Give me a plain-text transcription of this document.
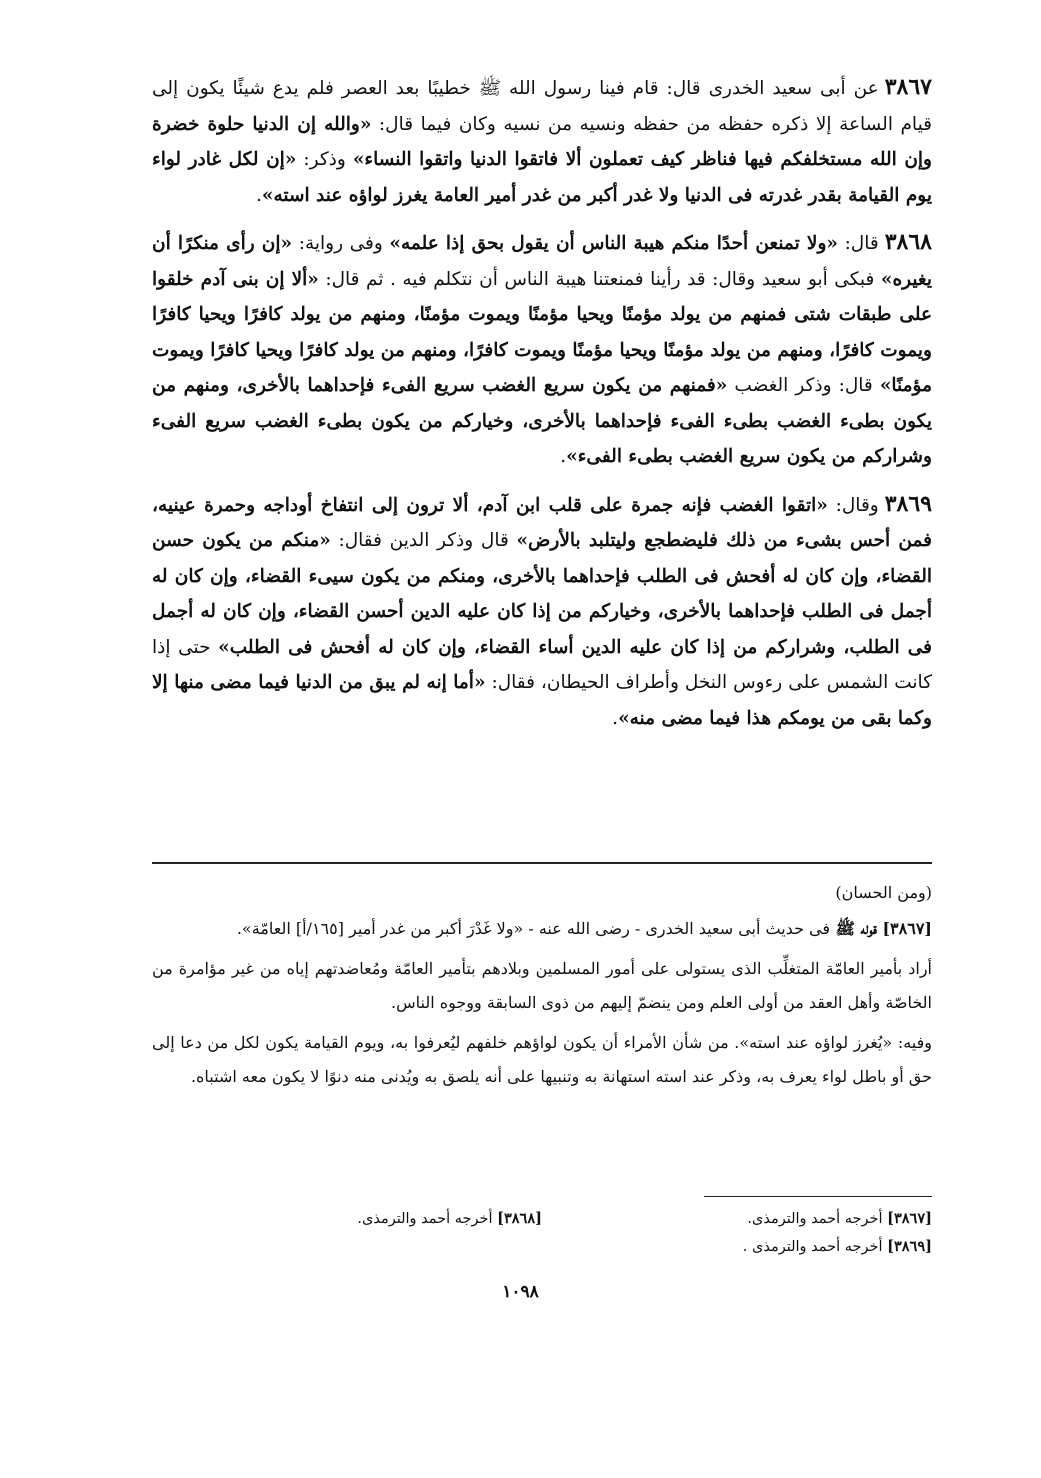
٣٨٦٧عن أبى سعيد الخدرى قال: قام فينا رسول الله ﷺ خطيبًا بعد العصر فلم يدع شيئًا يكون إلى قيام الساعة إلا ذكره حفظه من حفظه ونسيه من نسيه وكان فيما قال: «والله إن الدنيا حلوة خضرة وإن الله مستخلفكم فيها فناظر كيف تعملون ألا فاتقوا الدنيا واتقوا النساء» وذكر: «إن لكل غادر لواء يوم القيامة بقدر غدرته فى الدنيا ولا غدر أكبر من غدر أمير العامة يغرز لواؤه عند استه».

٣٨٦٨قال: «ولا تمنعن أحدًا منكم هيبة الناس أن يقول بحق إذا علمه» وفى رواية: «إن رأى منكرًا أن يغيره» فبكى أبو سعيد وقال: قد رأينا فمنعتنا هيبة الناس أن نتكلم فيه . ثم قال: «ألا إن بنى آدم خلقوا على طبقات شتى فمنهم من يولد مؤمنًا ويحيا مؤمنًا ويموت مؤمنًا، ومنهم من يولد كافرًا ويحيا كافرًا ويموت كافرًا، ومنهم من يولد مؤمنًا ويحيا مؤمنًا ويموت كافرًا، ومنهم من يولد كافرًا ويحيا كافرًا ويموت مؤمنًا» قال: وذكر الغضب «فمنهم من يكون سريع الغضب سريع الفىء فإحداهما بالأخرى، ومنهم من يكون بطىء الغضب بطىء الفىء فإحداهما بالأخرى، وخياركم من يكون بطىء الغضب سريع الفىء وشراركم من يكون سريع الغضب بطىء الفىء».

٣٨٦٩وقال: «اتقوا الغضب فإنه جمرة على قلب ابن آدم، ألا ترون إلى انتفاخ أوداجه وحمرة عينيه، فمن أحس بشىء من ذلك فليضطجع وليتلبد بالأرض» قال وذكر الدين فقال: «منكم من يكون حسن القضاء، وإن كان له أفحش فى الطلب فإحداهما بالأخرى، ومنكم من يكون سيىء القضاء، وإن كان له أجمل فى الطلب فإحداهما بالأخرى، وخياركم من إذا كان عليه الدين أحسن القضاء، وإن كان له أجمل فى الطلب، وشراركم من إذا كان عليه الدين أساء القضاء، وإن كان له أفحش فى الطلب» حتى إذا كانت الشمس على رءوس النخل وأطراف الحيطان، فقال: «أما إنه لم يبق من الدنيا فيما مضى منها إلا وكما بقى من يومكم هذا فيما مضى منه».

(ومن الحسان)

[٣٨٦٧] قوله ﷺ فى حديث أبى سعيد الخدرى - رضى الله عنه - «ولا غَدْرَ أكبر من غدر أمير [١٦٥/أ] العامّة».

أراد بأمير العامّة المتغلِّب الذى يستولى على أمور المسلمين وبلادهم بتأمير العامّة ومُعاضدتهم إياه من غير مؤامرة من الخاصّة وأهل العقد من أولى العلم ومن ينضمّ إليهم من ذوى السابقة ووجوه الناس.

وفيه: «يُغرز لواؤه عند استه». من شأن الأمراء أن يكون لواؤهم خلفهم ليُعرفوا به، ويوم القيامة يكون لكل من دعا إلى حق أو باطل لواء يعرف به، وذكر عند استه استهانة به وتنبيها على أنه يلصق به ويُدنى منه دنوًا لا يكون معه اشتباه.

[٣٨٦٧] أخرجه أحمد والترمذى.
[٣٨٦٨] أخرجه أحمد والترمذى.
[٣٨٦٩] أخرجه أحمد والترمذى .
١٠٩٨
